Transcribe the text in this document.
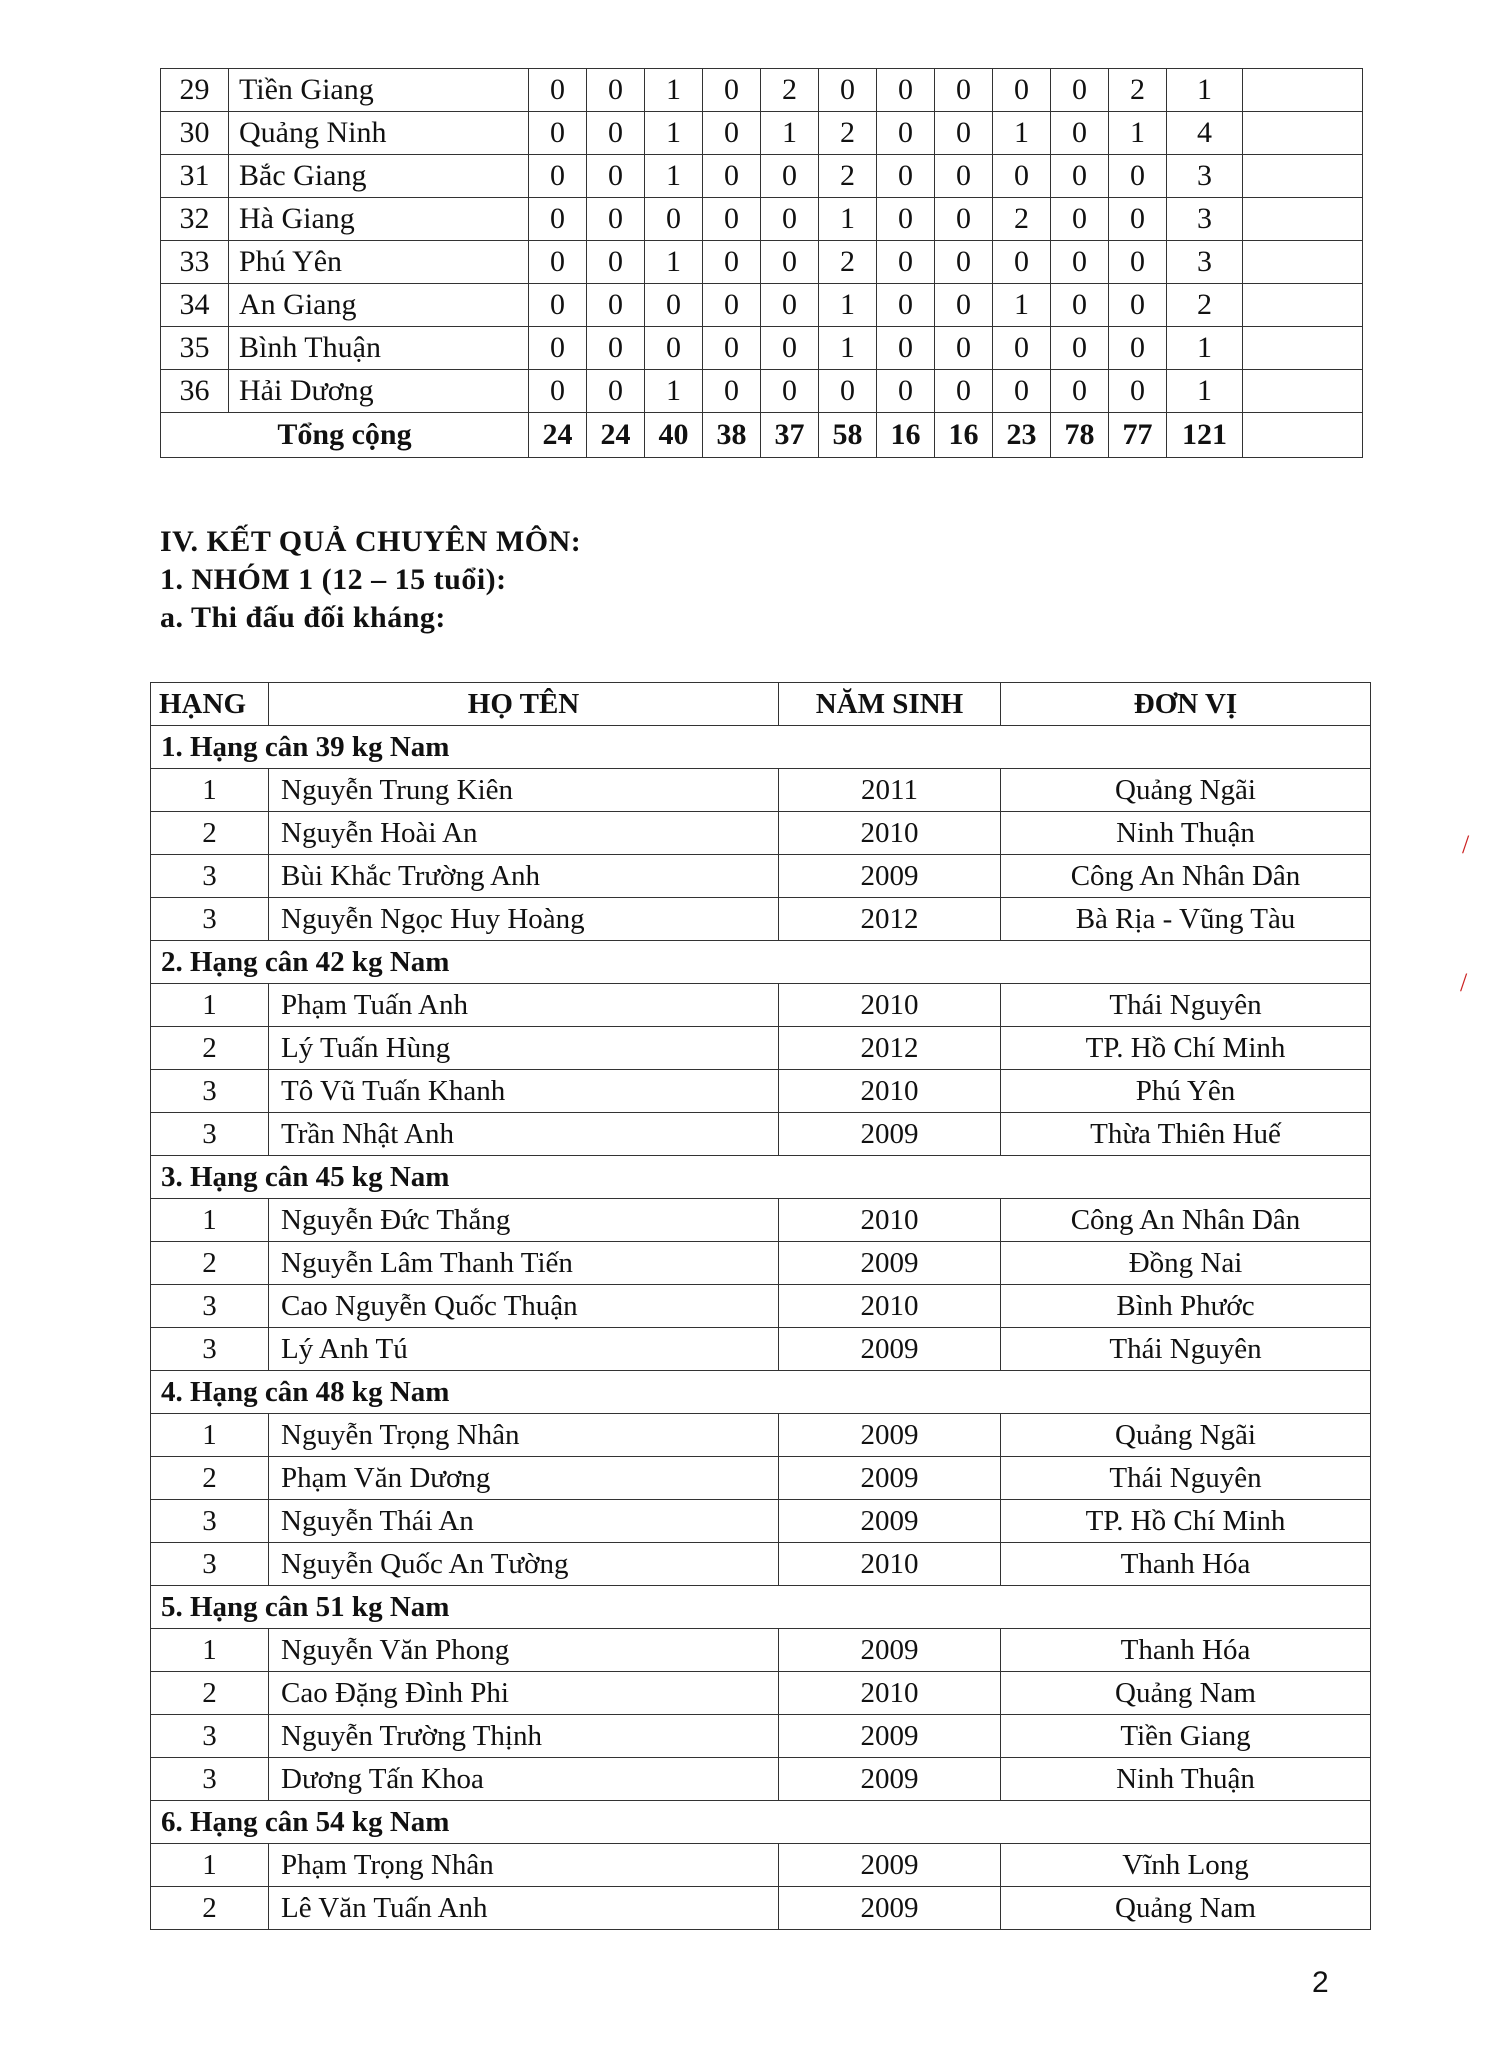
29	Tiền Giang	0	0	1	0	2	0	0	0	0	0	2	1	
30	Quảng Ninh	0	0	1	0	1	2	0	0	1	0	1	4	
31	Bắc Giang	0	0	1	0	0	2	0	0	0	0	0	3	
32	Hà Giang	0	0	0	0	0	1	0	0	2	0	0	3	
33	Phú Yên	0	0	1	0	0	2	0	0	0	0	0	3	
34	An Giang	0	0	0	0	0	1	0	0	1	0	0	2	
35	Bình Thuận	0	0	0	0	0	1	0	0	0	0	0	1	
36	Hải Dương	0	0	1	0	0	0	0	0	0	0	0	1	
Tổng cộng		24	24	40	38	37	58	16	16	23	78	77	121	
IV. KẾT QUẢ CHUYÊN MÔN:
1. NHÓM 1 (12 – 15 tuổi):
a. Thi đấu đối kháng:
HẠNG	HỌ TÊN	NĂM SINH	ĐƠN VỊ
1. Hạng cân 39 kg Nam			
1	Nguyễn Trung Kiên	2011	Quảng Ngãi
2	Nguyễn Hoài An	2010	Ninh Thuận
3	Bùi Khắc Trường Anh	2009	Công An Nhân Dân
3	Nguyễn Ngọc Huy Hoàng	2012	Bà Rịa - Vũng Tàu
2. Hạng cân 42 kg Nam			
1	Phạm Tuấn Anh	2010	Thái Nguyên
2	Lý Tuấn Hùng	2012	TP. Hồ Chí Minh
3	Tô Vũ Tuấn Khanh	2010	Phú Yên
3	Trần Nhật Anh	2009	Thừa Thiên Huế
3. Hạng cân 45 kg Nam			
1	Nguyễn Đức Thắng	2010	Công An Nhân Dân
2	Nguyễn Lâm Thanh Tiến	2009	Đồng Nai
3	Cao Nguyễn Quốc Thuận	2010	Bình Phước
3	Lý Anh Tú	2009	Thái Nguyên
4. Hạng cân 48 kg Nam			
1	Nguyễn Trọng Nhân	2009	Quảng Ngãi
2	Phạm Văn Dương	2009	Thái Nguyên
3	Nguyễn Thái An	2009	TP. Hồ Chí Minh
3	Nguyễn Quốc An Tường	2010	Thanh Hóa
5. Hạng cân 51 kg Nam			
1	Nguyễn Văn Phong	2009	Thanh Hóa
2	Cao Đặng Đình Phi	2010	Quảng Nam
3	Nguyễn Trường Thịnh	2009	Tiền Giang
3	Dương Tấn Khoa	2009	Ninh Thuận
6. Hạng cân 54 kg Nam			
1	Phạm Trọng Nhân	2009	Vĩnh Long
2	Lê Văn Tuấn Anh	2009	Quảng Nam
2
/
/
